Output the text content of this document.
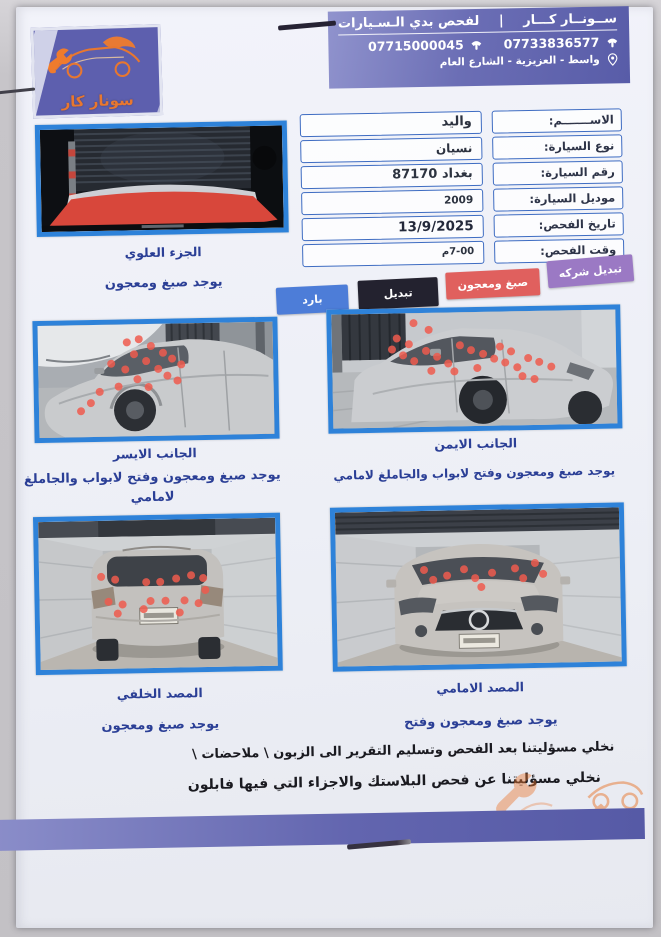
سونار كار
ســونــار كـــار
|
لفحص بدي الـسـيارات
07733836577
07715000045
واسط - العزيزية - الشارع العام
الاســـــــم:
واليد
نوع السيارة:
نسيان
رقم السيارة:
بغداد 87170
موديل السيارة:
2009
تاريخ الفحص:
13/9/2025
وقت الفحص:
7-00م
بارد	تبديل
صبغ ومعجون
تبديل شركه
الجزء العلوي
يوجد صبغ ومعجون
الجانب الايسر
يوجد صبغ ومعجون وفتح لابواب والجاملغ لامامي
الجانب الايمن
يوجد صبغ ومعجون وفتح لابواب والجاملغ لامامي
المصد الخلفي
يوجد صبغ ومعجون
المصد الامامي
يوجد صبغ ومعجون وفتح
نخلي مسؤليتنا بعد الفحص وتسليم التقرير الى الزبون \ ملاحضات \
نخلي مسؤليتنا عن فحص البلاستك والاجزاء التي فيها فابلون
